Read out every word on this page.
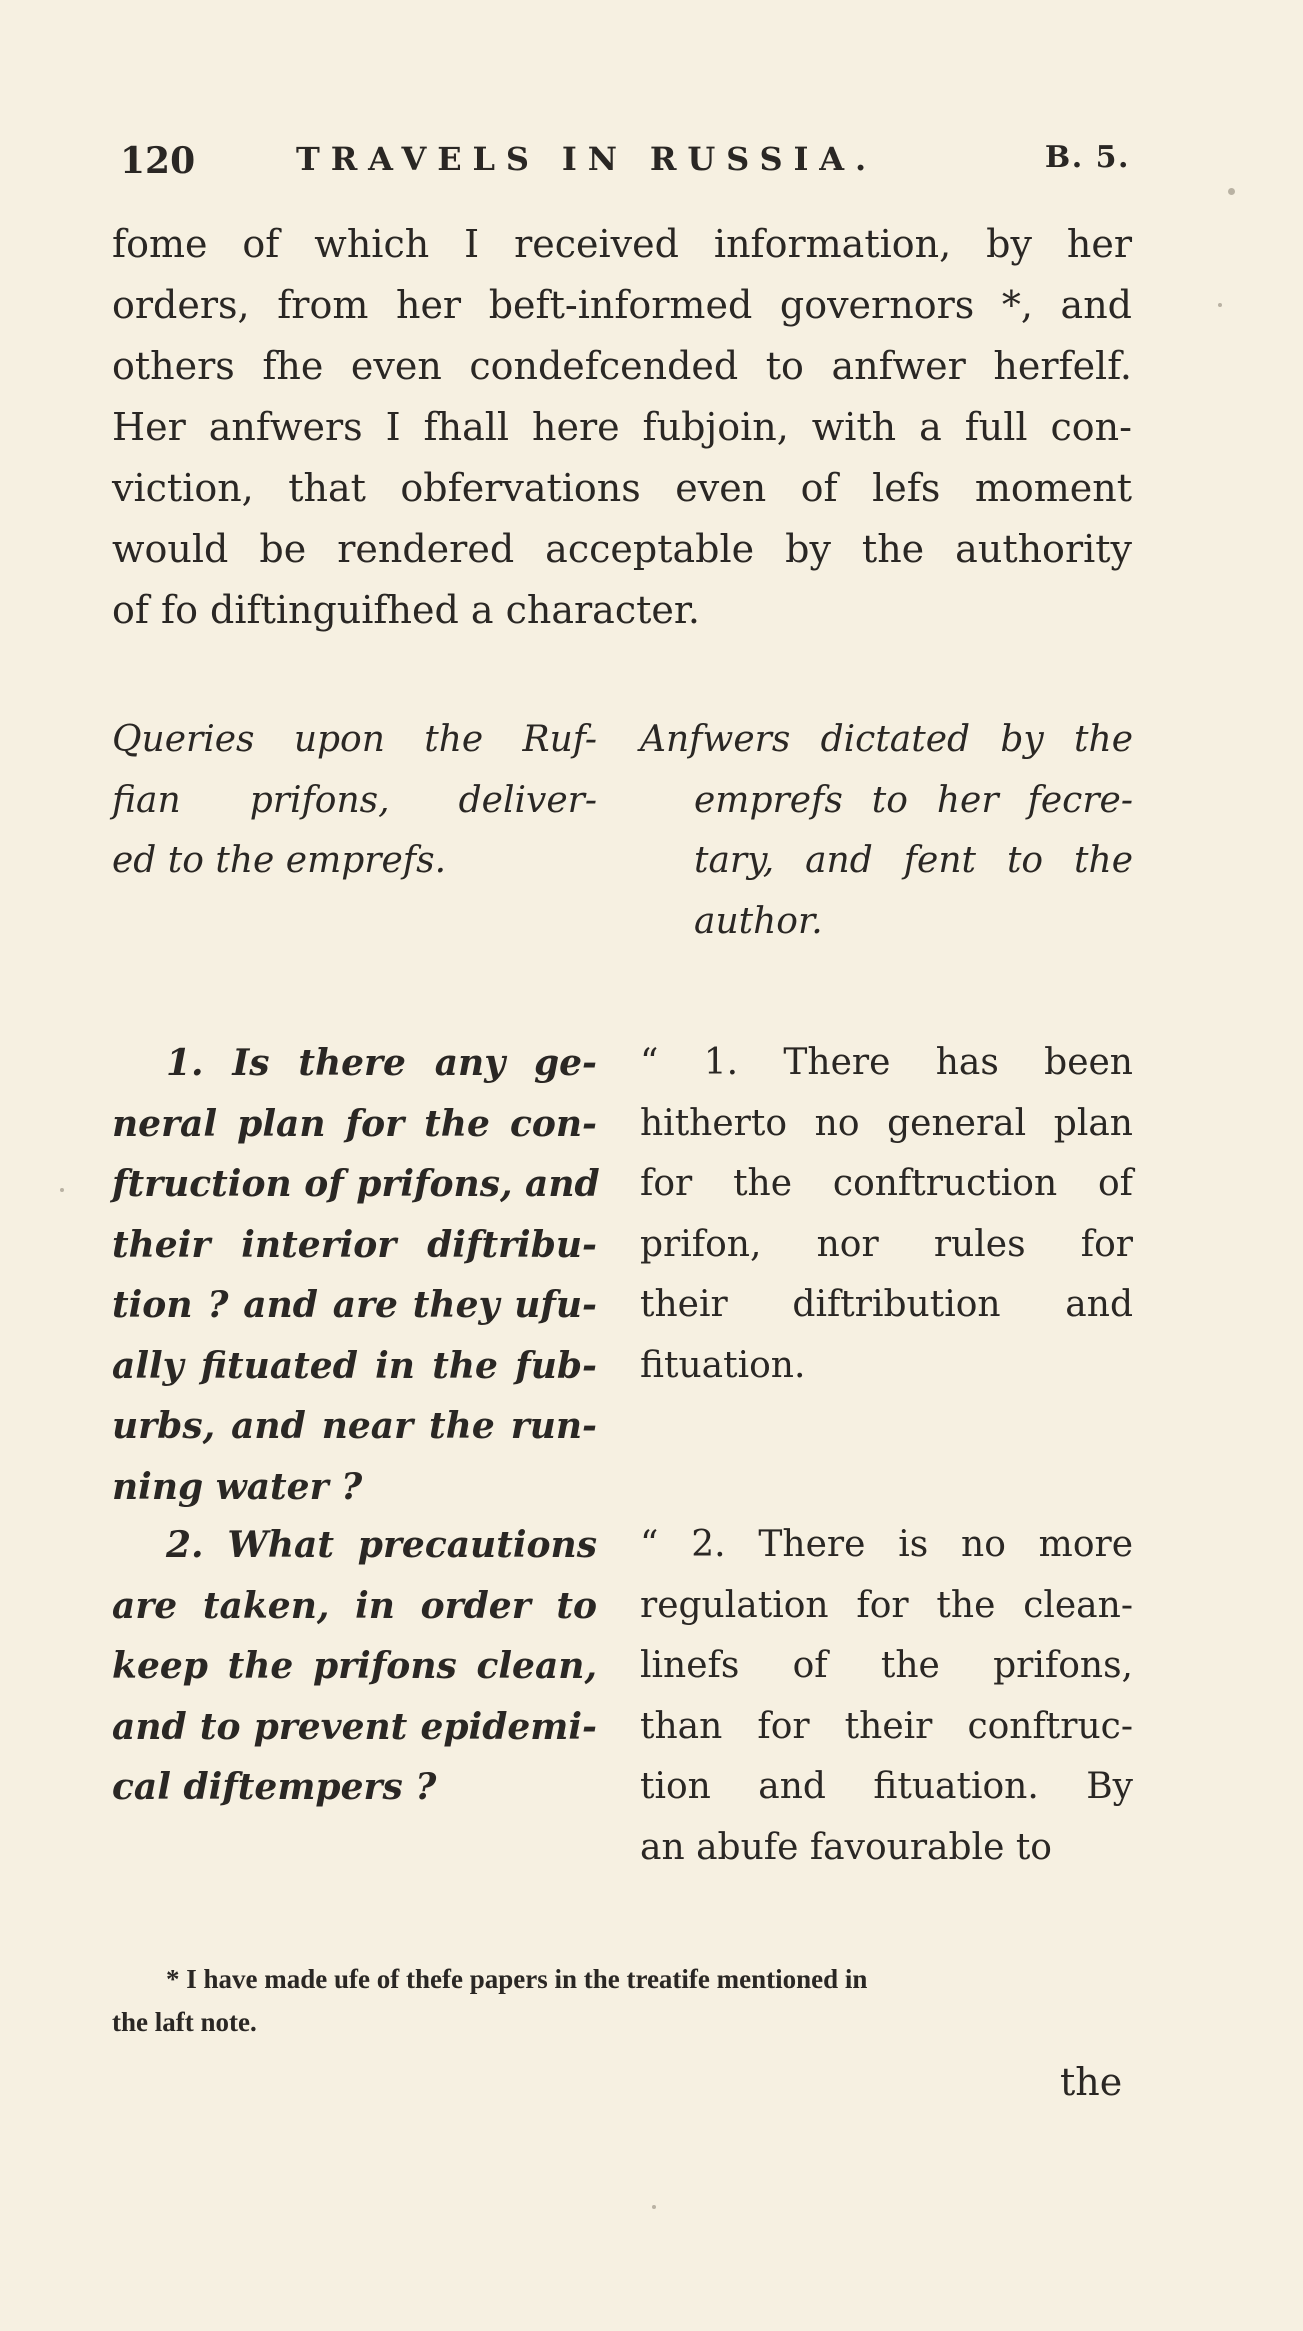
120	TRAVELS IN RUSSIA.	B. 5.
fome of which I received information, by her
orders, from her beft-informed governors *, and
others fhe even condefcended to anfwer herfelf.
Her anfwers I fhall here fubjoin, with a full con-
viction, that obfervations even of lefs moment
would be rendered acceptable by the authority
of fo diftinguifhed a character.
Queries upon the Ruf-
fian prifons, deliver-
ed to the emprefs.
Anfwers dictated by the
emprefs to her fecre-
tary, and fent to the
author.
1. Is there any ge-
neral plan for the con-
ftruction of prifons, and
their interior diftribu-
tion ? and are they ufu-
ally fituated in the fub-
urbs, and near the run-
ning water ?
“ 1. There has been
hitherto no general plan
for the conftruction of
prifon, nor rules for
their diftribution and
fituation.
2. What precautions
are taken, in order to
keep the prifons clean,
and to prevent epidemi-
cal diftempers ?
“ 2. There is no more
regulation for the clean-
linefs of the prifons,
than for their conftruc-
tion and fituation. By
an abufe favourable to
* I have made ufe of thefe papers in the treatife mentioned in
the laft note.
the
